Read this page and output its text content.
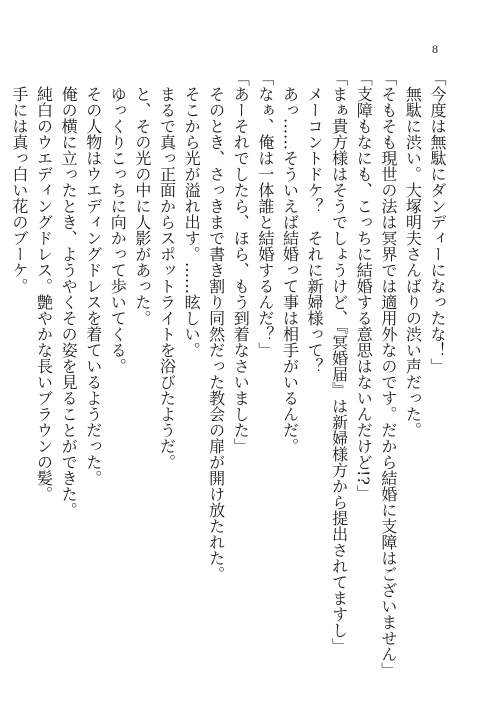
8
「今度は無駄にダンディーになったな！」
　無駄に渋い。大塚明夫さんばりの渋い声だった。
「そもそも現世の法は冥界では適用外なのです。だから結婚に支障はございません」
「支障もなにも、こっちに結婚する意思はないんだけど!?」
「まぁ貴方様はそうでしょうけど、『冥婚届』は新婦様方から提出されてますし」
　メーコントドケ？　それに新婦様って？
　あっ……そういえば結婚って事は相手がいるんだ。
「なぁ、俺は一体誰と結婚するんだ？」
「あーそれでしたら、ほら、もう到着なさいました」
　そのとき、さっきまで書き割り同然だった教会の扉が開け放たれた。
　そこから光が溢れ出す。……眩しい。
　まるで真っ正面からスポットライトを浴びたようだ。
　と、その光の中に人影があった。
　ゆっくりこっちに向かって歩いてくる。
　その人物はウエディングドレスを着ているようだった。
　俺の横に立ったとき、ようやくその姿を見ることができた。
　純白のウエディングドレス。艶やかな長いブラウンの髪。
　手には真っ白い花のブーケ。
